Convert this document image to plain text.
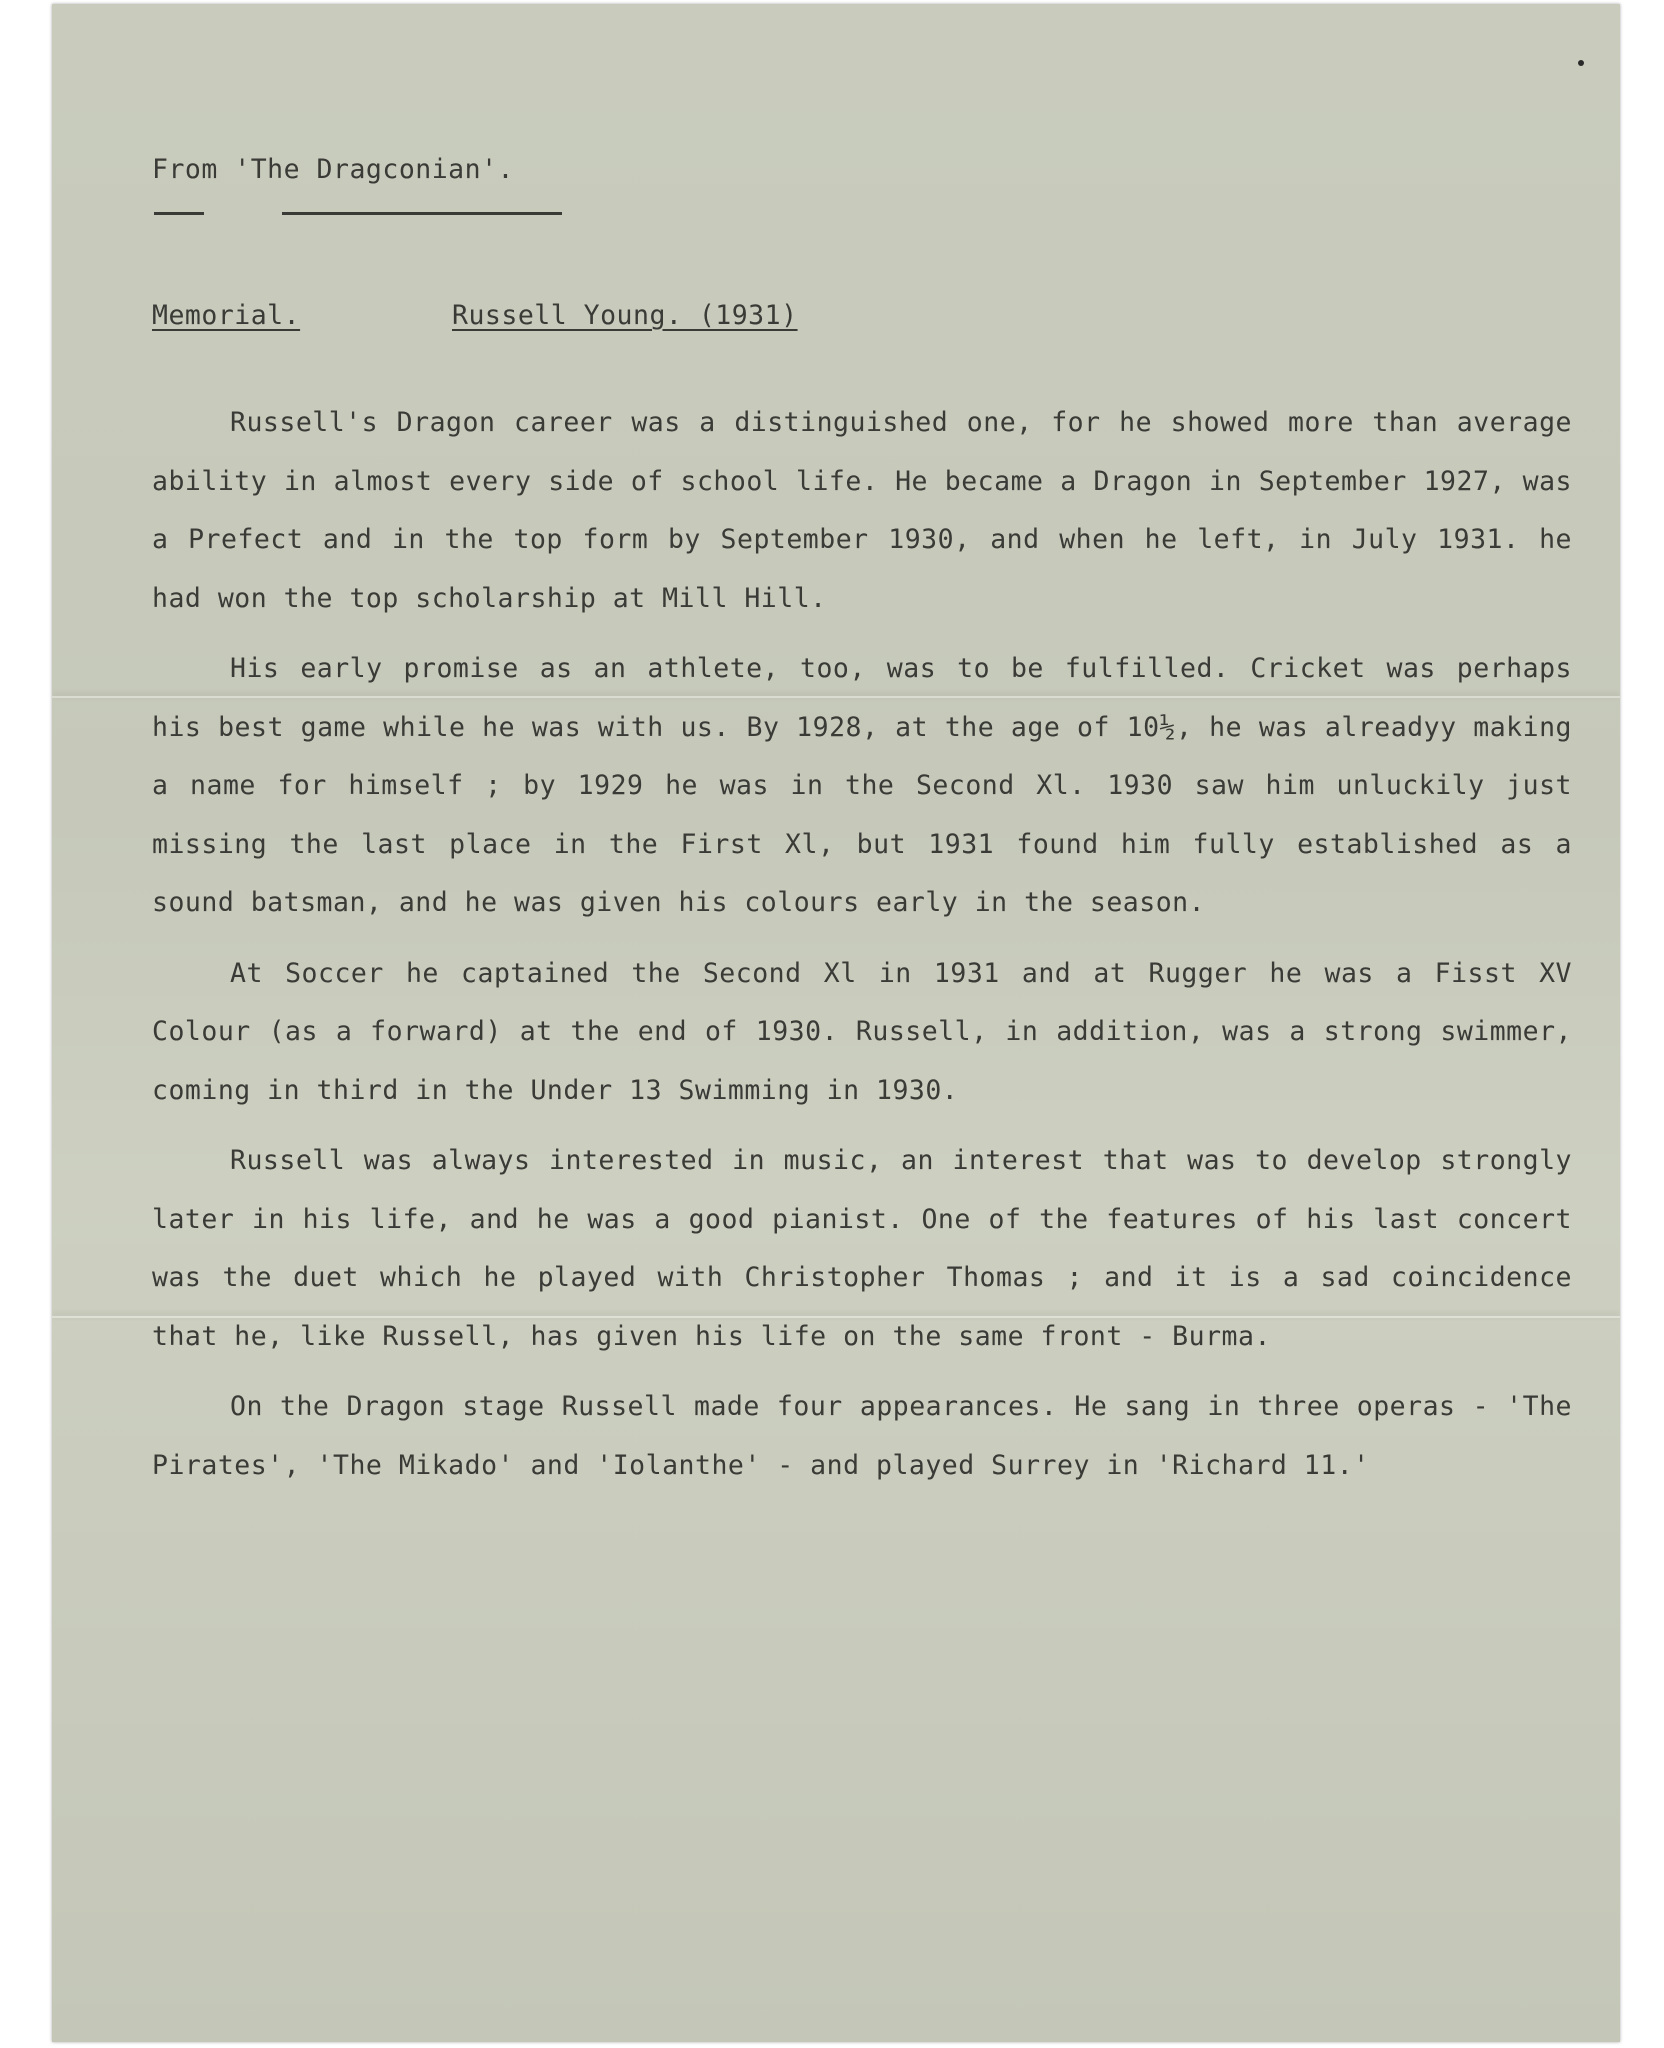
From 'The Dragconian'.
Memorial.	Russell Young. (1931)

Russell's Dragon career was a distinguished one, for he showed more than average ability in almost every side of school life. He became a Dragon in September 1927, was a Prefect and in the top form by September 1930, and when he left, in July 1931. he had won the top scholarship at Mill Hill.

His early promise as an athlete, too, was to be fulfilled. Cricket was perhaps his best game while he was with us. By 1928, at the age of 10½, he was alreadyy making a name for himself ; by 1929 he was in the Second Xl. 1930 saw him unluckily just missing the last place in the First Xl, but 1931 found him fully established as a sound batsman, and he was given his colours early in the season.

At Soccer he captained the Second Xl in 1931 and at Rugger he was a Fisst XV Colour (as a forward) at the end of 1930. Russell, in addition, was a strong swimmer, coming in third in the Under 13 Swimming in 1930.

Russell was always interested in music, an interest that was to develop strongly later in his life, and he was a good pianist. One of the features of his last concert was the duet which he played with Christopher Thomas ; and it is a sad coincidence that he, like Russell, has given his life on the same front - Burma.

On the Dragon stage Russell made four appearances. He sang in three operas - 'The Pirates', 'The Mikado' and 'Iolanthe' - and played Surrey in 'Richard 11.'
